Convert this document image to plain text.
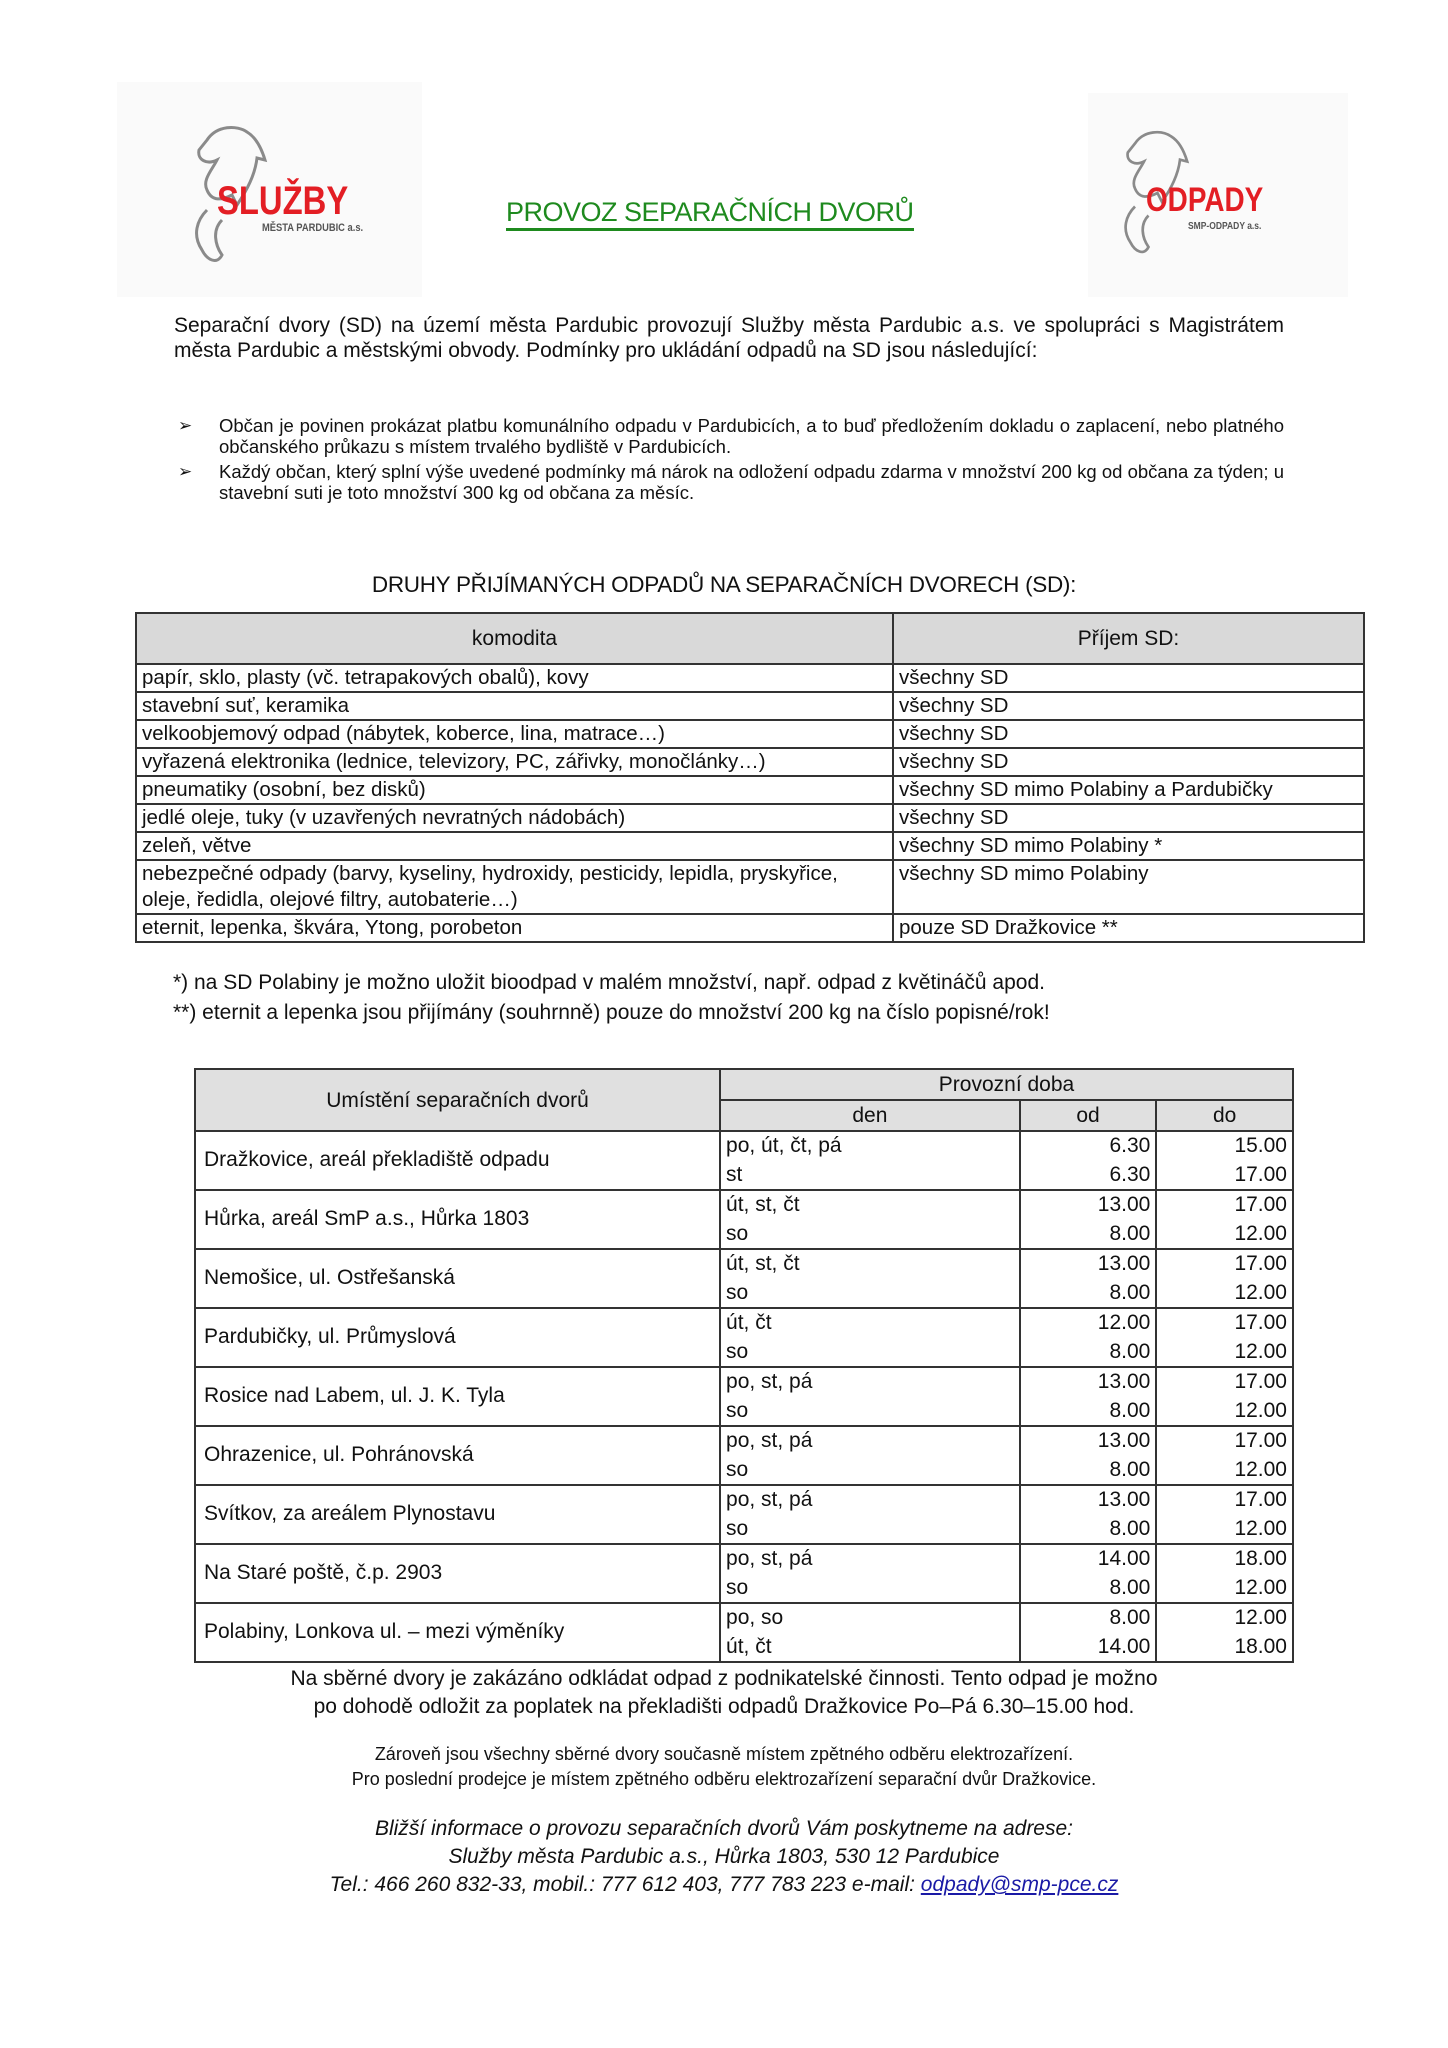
SLUŽBY
MĚSTA PARDUBIC a.s.
PROVOZ SEPARAČNÍCH DVORŮ	ODPADY
SMP-ODPADY a.s.
Separační dvory (SD) na území města Pardubic provozují Služby města Pardubic a.s. ve spolupráci s Magistrátem města Pardubic a městskými obvody. Podmínky pro ukládání odpadů na SD jsou následující:
➢ Občan je povinen prokázat platbu komunálního odpadu v Pardubicích, a to buď předložením dokladu o zaplacení, nebo platného občanského průkazu s místem trvalého bydliště v Pardubicích.
➢ Každý občan, který splní výše uvedené podmínky má nárok na odložení odpadu zdarma v množství 200 kg od občana za týden; u stavební suti je toto množství 300 kg od občana za měsíc.
DRUHY PŘIJÍMANÝCH ODPADŮ NA SEPARAČNÍCH DVORECH (SD):
komodita	Příjem SD:
papír, sklo, plasty (vč. tetrapakových obalů), kovy	všechny SD
stavební suť, keramika	všechny SD
velkoobjemový odpad (nábytek, koberce, lina, matrace…)	všechny SD
vyřazená elektronika (lednice, televizory, PC, zářivky, monočlánky…)	všechny SD
pneumatiky (osobní, bez disků)	všechny SD mimo Polabiny a Pardubičky
jedlé oleje, tuky (v uzavřených nevratných nádobách)	všechny SD
zeleň, větve	všechny SD mimo Polabiny *
nebezpečné odpady (barvy, kyseliny, hydroxidy, pesticidy, lepidla, pryskyřice, oleje, ředidla, olejové filtry, autobaterie…)	všechny SD mimo Polabiny
eternit, lepenka, škvára, Ytong, porobeton	pouze SD Dražkovice **
*) na SD Polabiny je možno uložit bioodpad v malém množství, např. odpad z květináčů apod.
**) eternit a lepenka jsou přijímány (souhrnně) pouze do množství 200 kg na číslo popisné/rok!
Umístění separačních dvorů	Provozní doba		
	den	od	do
Dražkovice, areál překladiště odpadu	po, út, čt, pá	6.30	15.00
	st	6.30	17.00
Hůrka, areál SmP a.s., Hůrka 1803	út, st, čt	13.00	17.00
	so	8.00	12.00
Nemošice, ul. Ostřešanská	út, st, čt	13.00	17.00
	so	8.00	12.00
Pardubičky, ul. Průmyslová	út, čt	12.00	17.00
	so	8.00	12.00
Rosice nad Labem, ul. J. K. Tyla	po, st, pá	13.00	17.00
	so	8.00	12.00
Ohrazenice, ul. Pohránovská	po, st, pá	13.00	17.00
	so	8.00	12.00
Svítkov, za areálem Plynostavu	po, st, pá	13.00	17.00
	so	8.00	12.00
Na Staré poště, č.p. 2903	po, st, pá	14.00	18.00
	so	8.00	12.00
Polabiny, Lonkova ul. – mezi výměníky	po, so	8.00	12.00
	út, čt	14.00	18.00
Na sběrné dvory je zakázáno odkládat odpad z podnikatelské činnosti. Tento odpad je možno
po dohodě odložit za poplatek na překladišti odpadů Dražkovice Po–Pá 6.30–15.00 hod.
Zároveň jsou všechny sběrné dvory současně místem zpětného odběru elektrozařízení.
Pro poslední prodejce je místem zpětného odběru elektrozařízení separační dvůr Dražkovice.
Bližší informace o provozu separačních dvorů Vám poskytneme na adrese:
Služby města Pardubic a.s., Hůrka 1803, 530 12 Pardubice
Tel.: 466 260 832-33, mobil.: 777 612 403, 777 783 223 e-mail: odpady@smp-pce.cz
